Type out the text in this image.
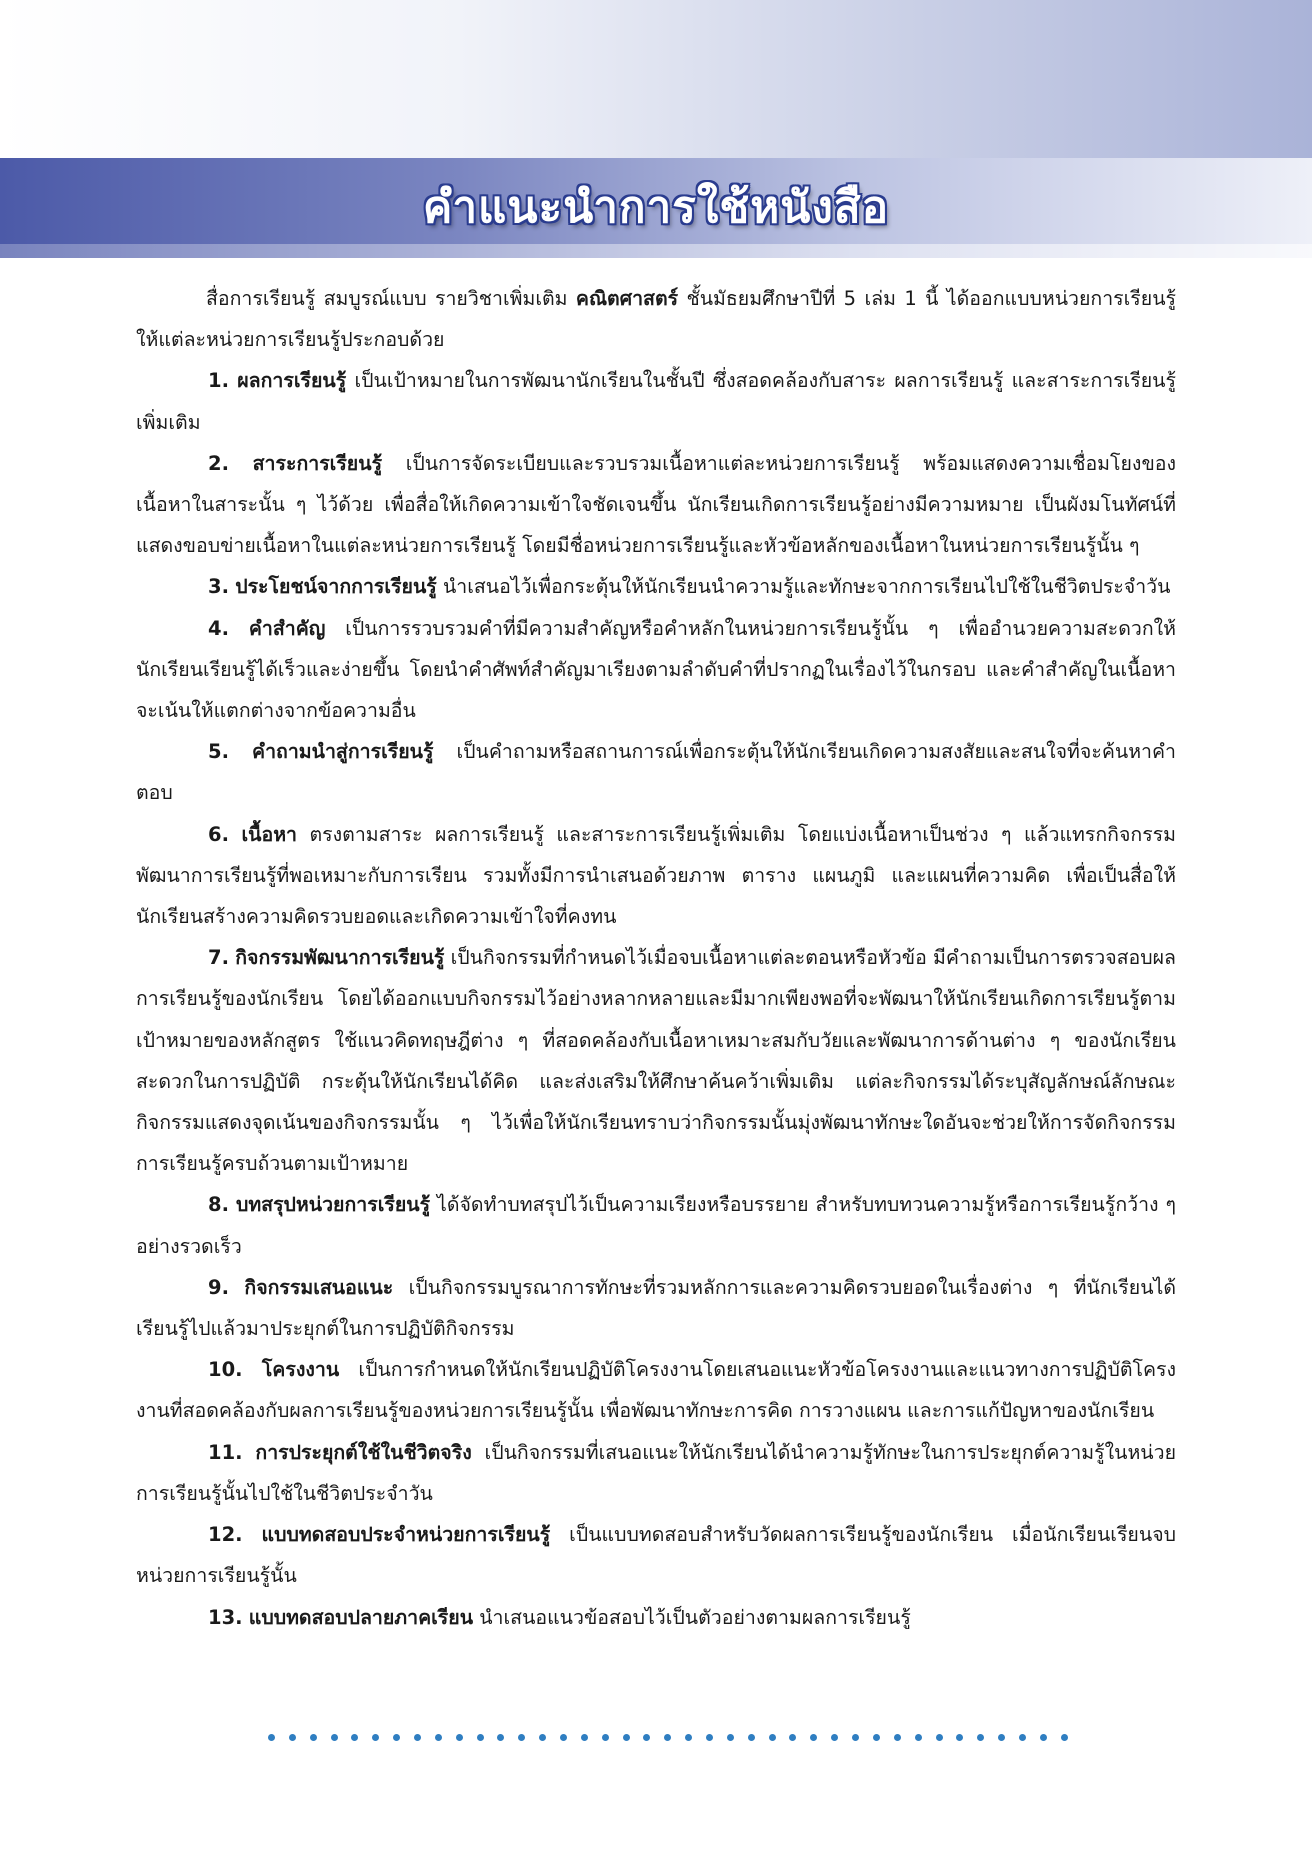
คำแนะนำการใช้หนังสือ

สื่อการเรียนรู้ สมบูรณ์แบบ รายวิชาเพิ่มเติม คณิตศาสตร์ ชั้นมัธยมศึกษาปีที่ 5 เล่ม 1 นี้ ได้ออกแบบหน่วยการเรียนรู้ให้แต่ละหน่วยการเรียนรู้ประกอบด้วย

1. ผลการเรียนรู้ เป็นเป้าหมายในการพัฒนานักเรียนในชั้นปี ซึ่งสอดคล้องกับสาระ ผลการเรียนรู้ และสาระการเรียนรู้เพิ่มเติม

2. สาระการเรียนรู้ เป็นการจัดระเบียบและรวบรวมเนื้อหาแต่ละหน่วยการเรียนรู้ พร้อมแสดงความเชื่อมโยงของเนื้อหาในสาระนั้น ๆ ไว้ด้วย เพื่อสื่อให้เกิดความเข้าใจชัดเจนขึ้น นักเรียนเกิดการเรียนรู้อย่างมีความหมาย เป็นผังมโนทัศน์ที่แสดงขอบข่ายเนื้อหาในแต่ละหน่วยการเรียนรู้ โดยมีชื่อหน่วยการเรียนรู้และหัวข้อหลักของเนื้อหาในหน่วยการเรียนรู้นั้น ๆ

3. ประโยชน์จากการเรียนรู้ นำเสนอไว้เพื่อกระตุ้นให้นักเรียนนำความรู้และทักษะจากการเรียนไปใช้ในชีวิตประจำวัน

4. คำสำคัญ เป็นการรวบรวมคำที่มีความสำคัญหรือคำหลักในหน่วยการเรียนรู้นั้น ๆ เพื่ออำนวยความสะดวกให้นักเรียนเรียนรู้ได้เร็วและง่ายขึ้น โดยนำคำศัพท์สำคัญมาเรียงตามลำดับคำที่ปรากฏในเรื่องไว้ในกรอบ และคำสำคัญในเนื้อหาจะเน้นให้แตกต่างจากข้อความอื่น

5. คำถามนำสู่การเรียนรู้ เป็นคำถามหรือสถานการณ์เพื่อกระตุ้นให้นักเรียนเกิดความสงสัยและสนใจที่จะค้นหาคำตอบ

6. เนื้อหา ตรงตามสาระ ผลการเรียนรู้ และสาระการเรียนรู้เพิ่มเติม โดยแบ่งเนื้อหาเป็นช่วง ๆ แล้วแทรกกิจกรรมพัฒนาการเรียนรู้ที่พอเหมาะกับการเรียน รวมทั้งมีการนำเสนอด้วยภาพ ตาราง แผนภูมิ และแผนที่ความคิด เพื่อเป็นสื่อให้นักเรียนสร้างความคิดรวบยอดและเกิดความเข้าใจที่คงทน

7. กิจกรรมพัฒนาการเรียนรู้ เป็นกิจกรรมที่กำหนดไว้เมื่อจบเนื้อหาแต่ละตอนหรือหัวข้อ มีคำถามเป็นการตรวจสอบผลการเรียนรู้ของนักเรียน โดยได้ออกแบบกิจกรรมไว้อย่างหลากหลายและมีมากเพียงพอที่จะพัฒนาให้นักเรียนเกิดการเรียนรู้ตามเป้าหมายของหลักสูตร ใช้แนวคิดทฤษฎีต่าง ๆ ที่สอดคล้องกับเนื้อหาเหมาะสมกับวัยและพัฒนาการด้านต่าง ๆ ของนักเรียน สะดวกในการปฏิบัติ กระตุ้นให้นักเรียนได้คิด และส่งเสริมให้ศึกษาค้นคว้าเพิ่มเติม แต่ละกิจกรรมได้ระบุสัญลักษณ์ลักษณะกิจกรรมแสดงจุดเน้นของกิจกรรมนั้น ๆ ไว้เพื่อให้นักเรียนทราบว่ากิจกรรมนั้นมุ่งพัฒนาทักษะใดอันจะช่วยให้การจัดกิจกรรมการเรียนรู้ครบถ้วนตามเป้าหมาย

8. บทสรุปหน่วยการเรียนรู้ ได้จัดทำบทสรุปไว้เป็นความเรียงหรือบรรยาย สำหรับทบทวนความรู้หรือการเรียนรู้กว้าง ๆ อย่างรวดเร็ว

9. กิจกรรมเสนอแนะ เป็นกิจกรรมบูรณาการทักษะที่รวมหลักการและความคิดรวบยอดในเรื่องต่าง ๆ ที่นักเรียนได้เรียนรู้ไปแล้วมาประยุกต์ในการปฏิบัติกิจกรรม

10. โครงงาน เป็นการกำหนดให้นักเรียนปฏิบัติโครงงานโดยเสนอแนะหัวข้อโครงงานและแนวทางการปฏิบัติโครงงานที่สอดคล้องกับผลการเรียนรู้ของหน่วยการเรียนรู้นั้น เพื่อพัฒนาทักษะการคิด การวางแผน และการแก้ปัญหาของนักเรียน

11. การประยุกต์ใช้ในชีวิตจริง เป็นกิจกรรมที่เสนอแนะให้นักเรียนได้นำความรู้ทักษะในการประยุกต์ความรู้ในหน่วยการเรียนรู้นั้นไปใช้ในชีวิตประจำวัน

12. แบบทดสอบประจำหน่วยการเรียนรู้ เป็นแบบทดสอบสำหรับวัดผลการเรียนรู้ของนักเรียน เมื่อนักเรียนเรียนจบหน่วยการเรียนรู้นั้น

13. แบบทดสอบปลายภาคเรียน นำเสนอแนวข้อสอบไว้เป็นตัวอย่างตามผลการเรียนรู้
